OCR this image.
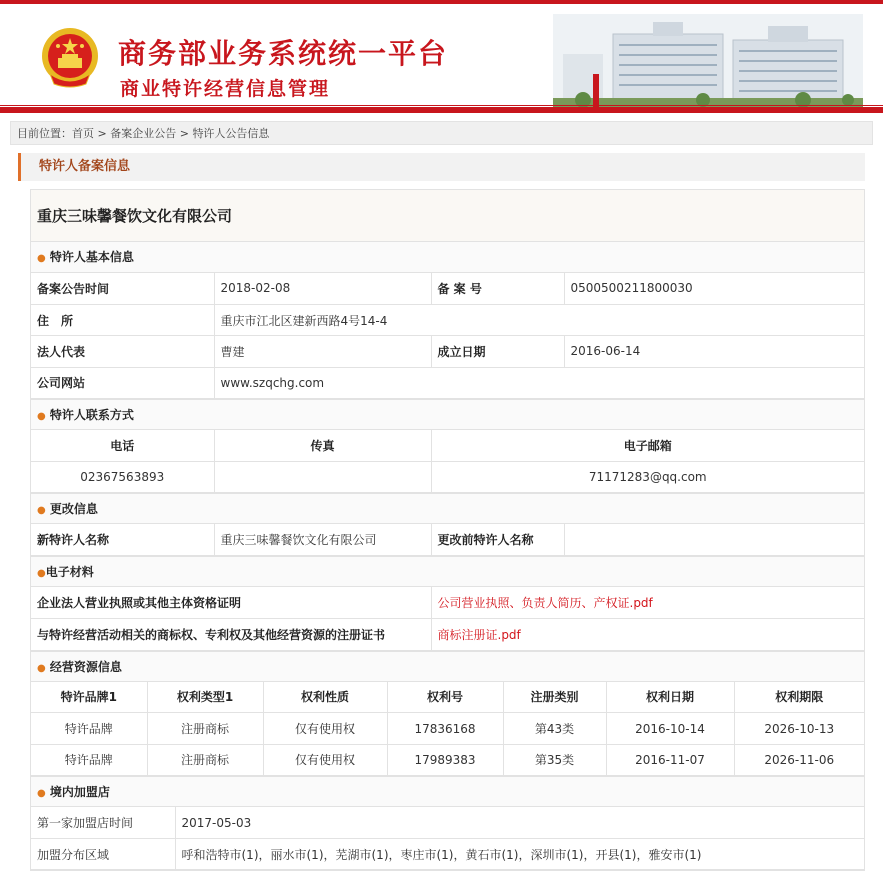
商务部业务系统统一平台
商业特许经营信息管理
目前位置：首页 > 备案企业公告 > 特许人公告信息
特许人备案信息
重庆三味馨餐饮文化有限公司
● 特许人基本信息
备案公告时间	2018-02-08	备 案 号	0500500211800030
住　所	重庆市江北区建新西路4号14-4		
法人代表	曹建	成立日期	2016-06-14
公司网站	www.szqchg.com		
● 特许人联系方式
电话	传真	电子邮箱
02367563893		71171283@qq.com
● 更改信息
新特许人名称	重庆三味馨餐饮文化有限公司	更改前特许人名称	
●电子材料
企业法人营业执照或其他主体资格证明	公司营业执照、负责人简历、产权证.pdf
与特许经营活动相关的商标权、专利权及其他经营资源的注册证书	商标注册证.pdf
● 经营资源信息
特许品牌1	权利类型1	权利性质	权利号	注册类别	权利日期	权利期限
特许品牌	注册商标	仅有使用权	17836168	第43类	2016-10-14	2026-10-13
特许品牌	注册商标	仅有使用权	17989383	第35类	2016-11-07	2026-11-06
● 境内加盟店
第一家加盟店时间	2017-05-03
加盟分布区域	呼和浩特市(1)，丽水市(1)，芜湖市(1)，枣庄市(1)，黄石市(1)，深圳市(1)，开县(1)，雅安市(1)
